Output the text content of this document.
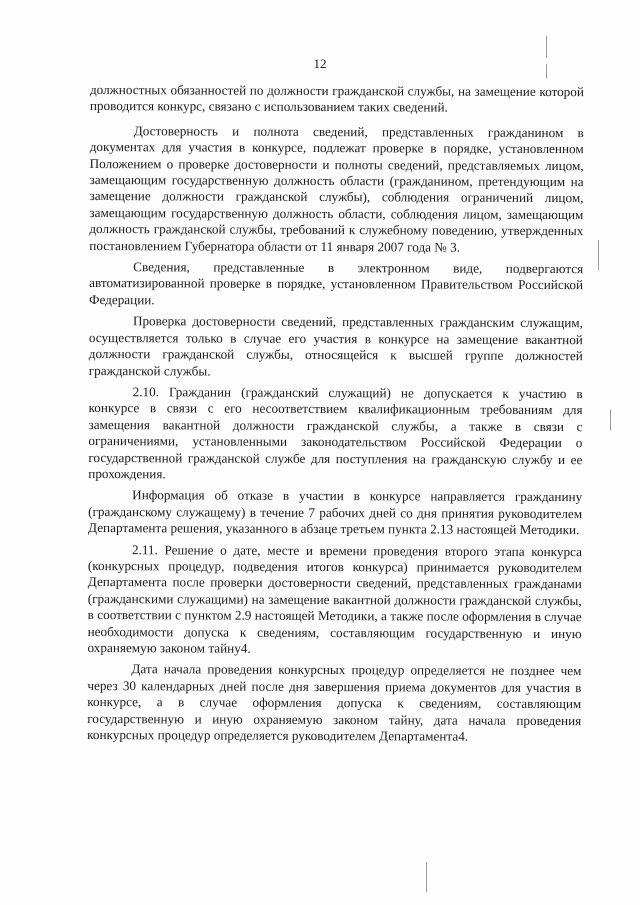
12

должностных обязанностей по должности гражданской службы, на замещение которой проводится конкурс, связано с использованием таких сведений.

Достоверность и полнота сведений, представленных гражданином в документах для участия в конкурсе, подлежат проверке в порядке, установленном Положением о проверке достоверности и полноты сведений, представляемых лицом, замещающим государственную должность области (гражданином, претендующим на замещение должности гражданской службы), соблюдения ограничений лицом, замещающим государственную должность области, соблюдения лицом, замещающим должность гражданской службы, требований к служебному поведению, утвержденных постановлением Губернатора области от 11 января 2007 года № 3.

Сведения, представленные в электронном виде, подвергаются автоматизированной проверке в порядке, установленном Правительством Российской Федерации.

Проверка достоверности сведений, представленных гражданским служащим, осуществляется только в случае его участия в конкурсе на замещение вакантной должности гражданской службы, относящейся к высшей группе должностей гражданской службы.

2.10. Гражданин (гражданский служащий) не допускается к участию в конкурсе в связи с его несоответствием квалификационным требованиям для замещения вакантной должности гражданской службы, а также в связи с ограничениями, установленными законодательством Российской Федерации о государственной гражданской службе для поступления на гражданскую службу и ее прохождения.

Информация об отказе в участии в конкурсе направляется гражданину (гражданскому служащему) в течение 7 рабочих дней со дня принятия руководителем Департамента решения, указанного в абзаце третьем пункта 2.13 настоящей Методики.

2.11. Решение о дате, месте и времени проведения второго этапа конкурса (конкурсных процедур, подведения итогов конкурса) принимается руководителем Департамента после проверки достоверности сведений, представленных гражданами (гражданскими служащими) на замещение вакантной должности гражданской службы, в соответствии с пунктом 2.9 настоящей Методики, а также после оформления в случае необходимости допуска к сведениям, составляющим государственную и иную охраняемую законом тайну4.

Дата начала проведения конкурсных процедур определяется не позднее чем через 30 календарных дней после дня завершения приема документов для участия в конкурсе, а в случае оформления допуска к сведениям, составляющим государственную и иную охраняемую законом тайну, дата начала проведения конкурсных процедур определяется руководителем Департамента4.
